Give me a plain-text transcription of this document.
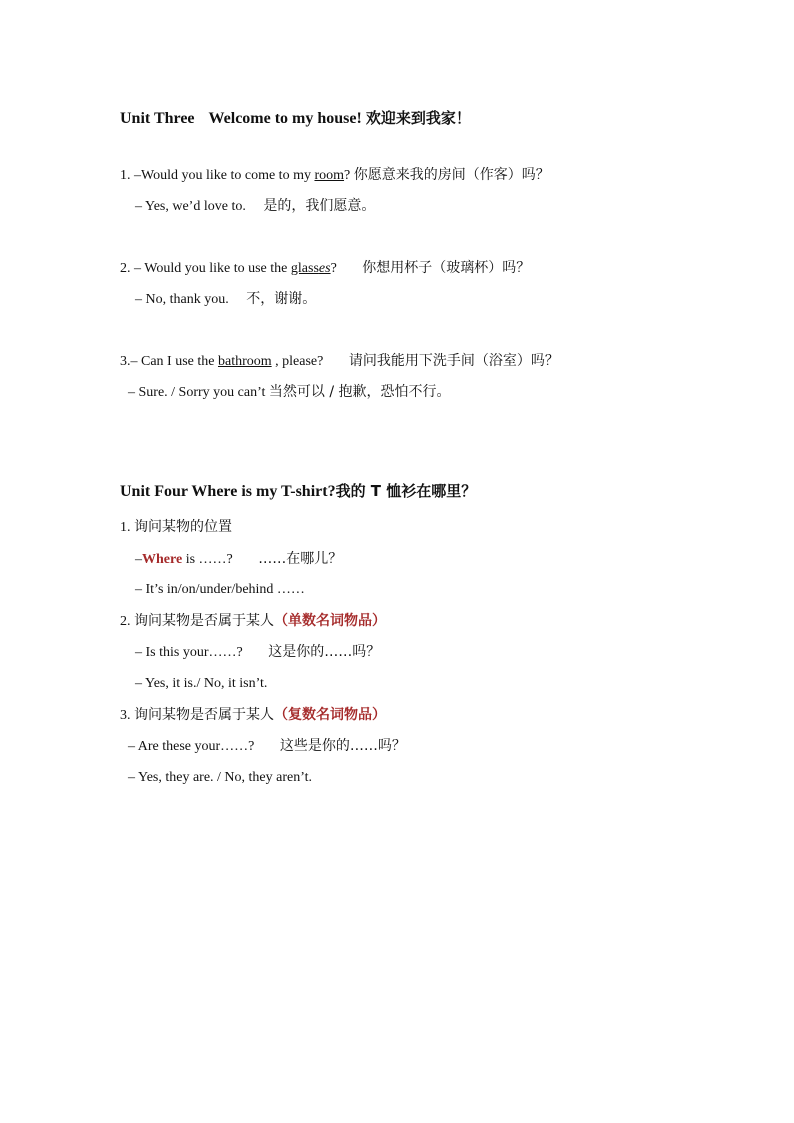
Unit Three Welcome to my house! 欢迎来到我家！
1. –Would you like to come to my room? 你愿意来我的房间（作客）吗？
– Yes, we’d love to. 是的，我们愿意。
2. – Would you like to use the glasses? 你想用杯子（玻璃杯）吗？
– No, thank you. 不，谢谢。
3.– Can I use the bathroom , please? 请问我能用下洗手间（浴室）吗？
– Sure. / Sorry you can’t 当然可以 / 抱歉，恐怕不行。
Unit Four Where is my T-shirt?我的 T 恤衫在哪里？
1. 询问某物的位置
–Where is ……? ……在哪儿？
– It’s in/on/under/behind ……
2. 询问某物是否属于某人（单数名词物品）
– Is this your……? 这是你的……吗？
– Yes, it is./ No, it isn’t.
3. 询问某物是否属于某人（复数名词物品）
– Are these your……? 这些是你的……吗？
– Yes, they are. / No, they aren’t.
